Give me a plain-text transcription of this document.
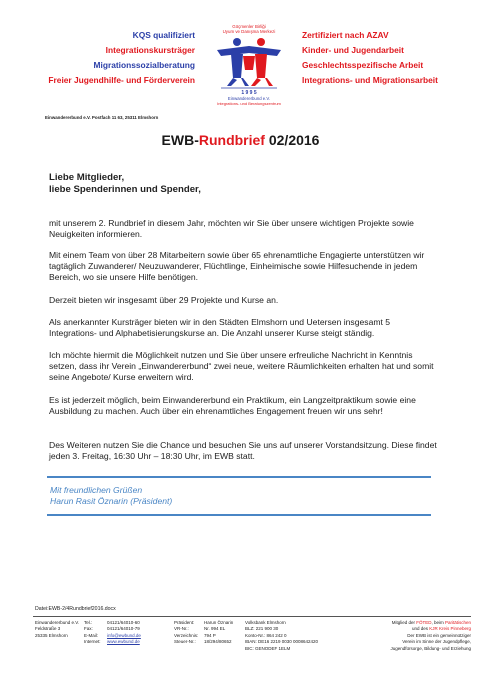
KQS qualifiziert
Integrationskursträger
Migrationssozialberatung
Freier Jugendhilfe- und Förderverein
Göçmenler Birliği
Uyum ve Danışma Merkezi
1 9 9 5
Einwandererbund e.V.
Integrations- und Beratungszentrum
Zertifiziert nach AZAV
Kinder- und Jugendarbeit
Geschlechtsspezifische Arbeit
Integrations- und Migrationsarbeit
Einwandererbund e.V. Postfach 11 63, 25311 Elmshorn
EWB-Rundbrief 02/2016
Liebe Mitglieder,
liebe Spenderinnen und Spender,
mit unserem 2. Rundbrief in diesem Jahr, möchten wir Sie über unsere wichtigen Projekte sowie Neuigkeiten informieren.
Mit einem Team von über 28 Mitarbeitern sowie über 65 ehrenamtliche Engagierte unterstützen wir tagtäglich Zuwanderer/ Neuzuwanderer, Flüchtlinge, Einheimische sowie Hilfesuchende in jedem Bereich, wo sie unsere Hilfe benötigen.
Derzeit bieten wir insgesamt über 29 Projekte und Kurse an.
Als anerkannter Kursträger bieten wir in den Städten Elmshorn und Uetersen insgesamt 5 Integrations- und Alphabetisierungskurse an. Die Anzahl unserer Kurse steigt ständig.
Ich möchte hiermit die Möglichkeit nutzen und Sie über unsere erfreuliche Nachricht in Kenntnis setzen, dass ihr Verein „Einwandererbund“ zwei neue, weitere Räumlichkeiten erhalten hat und somit seine Angebote/ Kurse erweitern wird.
Es ist jederzeit möglich, beim Einwandererbund ein Praktikum, ein Langzeitpraktikum sowie eine Ausbildung zu machen. Auch über ein ehrenamtliches Engagement freuen wir uns sehr!
Des Weiteren nutzen Sie die Chance und besuchen Sie uns auf unserer Vorstandsitzung. Diese findet jeden 3. Freitag, 16:30 Uhr – 18:30 Uhr, im EWB statt.
Mit freundlichen Grüßen
Harun Rasit Öznarin (Präsident)
Datei:EWB-2/4Rundbrief2016.docx
Einwandererbund e.V.
Feldstraße 3
25335 Elmshorn
Tel.:
Fax:
E-Mail:
Internet:
04121/64010-60
04121/64010-79
info@ewbund.de
www.ewbund.de
Präsident:
VR-Nr.:
Verzeichnis:
Steuer-Nr.:
Harun Öznarin
Nr. 994 EL
794 P
18/294/80652
Volksbank Elmshorn
BLZ: 221 900 30
Konto-Nr.: 864 242 0
IBAN: DE16 2219 0030 0008642420
BIC: GENODEF 1ELM
Mitglied der FÖTED, beim Paritätischen
und des KJR Kreis Pinneberg
Der EWB ist ein gemeinnütziger
Verein im Sinne der Jugendpflege,
Jugendfürsorge, Bildung- und Erziehung
